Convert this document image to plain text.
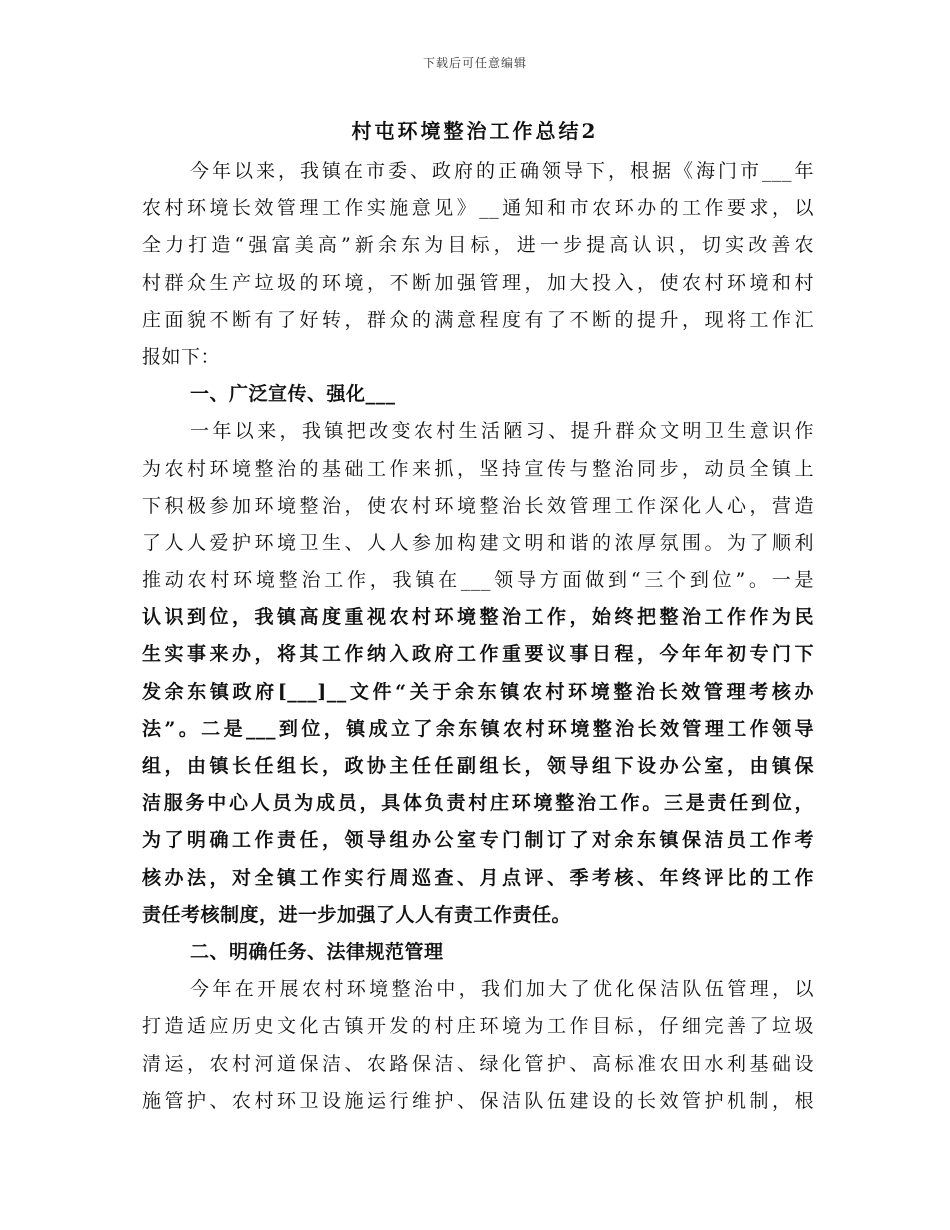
下载后可任意编辑
村屯环境整治工作总结2
今年以来，我镇在市委、政府的正确领导下，根据《海门市___年
农村环境长效管理工作实施意见》__通知和市农环办的工作要求，以
全力打造“强富美高”新余东为目标，进一步提高认识，切实改善农
村群众生产垃圾的环境，不断加强管理，加大投入，使农村环境和村
庄面貌不断有了好转，群众的满意程度有了不断的提升，现将工作汇
报如下：
一、广泛宣传、强化___
一年以来，我镇把改变农村生活陋习、提升群众文明卫生意识作
为农村环境整治的基础工作来抓，坚持宣传与整治同步，动员全镇上
下积极参加环境整治，使农村环境整治长效管理工作深化人心，营造
了人人爱护环境卫生、人人参加构建文明和谐的浓厚氛围。为了顺利
推动农村环境整治工作，我镇在___领导方面做到“三个到位”。一是
认识到位，我镇高度重视农村环境整治工作，始终把整治工作作为民
生实事来办，将其工作纳入政府工作重要议事日程，今年年初专门下
发余东镇政府[___]__文件“关于余东镇农村环境整治长效管理考核办
法”。二是___到位，镇成立了余东镇农村环境整治长效管理工作领导
组，由镇长任组长，政协主任任副组长，领导组下设办公室，由镇保
洁服务中心人员为成员，具体负责村庄环境整治工作。三是责任到位，
为了明确工作责任，领导组办公室专门制订了对余东镇保洁员工作考
核办法，对全镇工作实行周巡查、月点评、季考核、年终评比的工作
责任考核制度，进一步加强了人人有责工作责任。
二、明确任务、法律规范管理
今年在开展农村环境整治中，我们加大了优化保洁队伍管理，以
打造适应历史文化古镇开发的村庄环境为工作目标，仔细完善了垃圾
清运，农村河道保洁、农路保洁、绿化管护、高标准农田水利基础设
施管护、农村环卫设施运行维护、保洁队伍建设的长效管护机制，根
